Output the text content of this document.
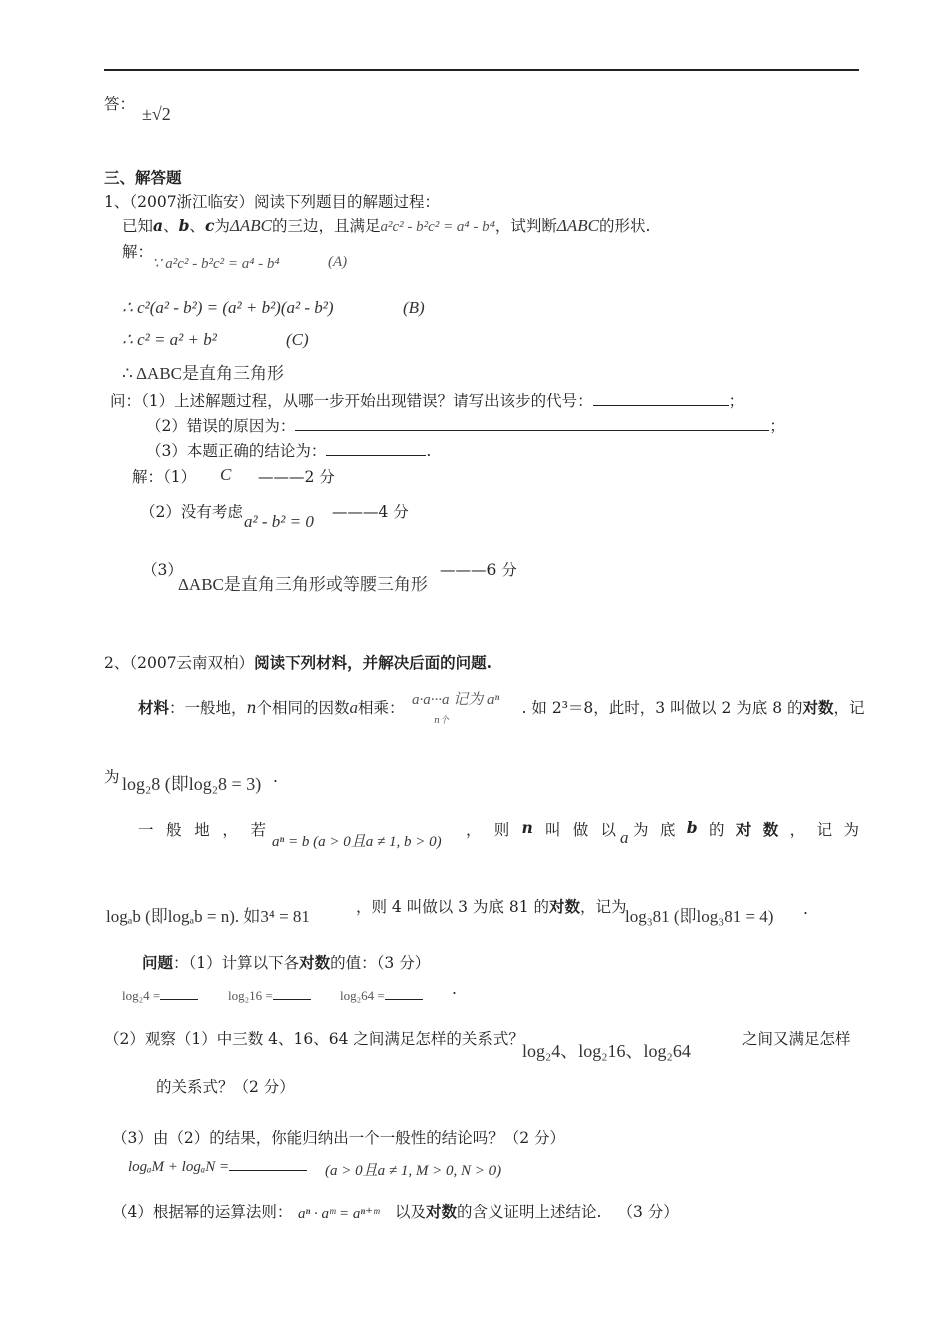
答： ±√2
三、解答题
1、（2007浙江临安）阅读下列题目的解题过程：
已知a、b、c为ΔABC的三边，且满足a²c² - b²c² = a⁴ - b⁴，试判断ΔABC的形状.
解：
∵ a²c² - b²c² = a⁴ - b⁴	(A)
∴ c²(a² - b²) = (a² + b²)(a² - b²)	(B)
∴ c² = a² + b²	(C)
∴ ΔABC是直角三角形
问：（1）上述解题过程，从哪一步开始出现错误？请写出该步的代号：	；
（2）错误的原因为：	；
（3）本题正确的结论为：	.
解：（1） C ———2 分
（2）没有考虑 a² - b² = 0 ———4 分
（3）
ΔABC是直角三角形或等腰三角形
———6 分
2、（2007云南双柏）阅读下列材料，并解决后面的问题.
材料：一般地，n个相同的因数a相乘：	. 如 2³＝8，此时，3 叫做以 2 为底 8 的对数，记
a·a···a 记为 aⁿ
n个
为 log₂8 (即log₂8 = 3) .
一 般 地 ， 若
aⁿ = b (a > 0且a ≠ 1, b > 0)
， 则 n 叫 做 以 a 为 底 b 的 对 数 ， 记 为
logₐb (即logₐb = n). 如3⁴ = 81	，则 4 叫做以 3 为底 81 的对数，记为
log₃81 (即log₃81 = 4) .
问题：（1）计算以下各对数的值：（3 分）
log₂4 =	log₂16 =	log₂64 =	.
（2）观察（1）中三数 4、16、64 之间满足怎样的关系式？
log₂4、log₂16、log₂64
之间又满足怎样
的关系式？（2 分）
（3）由（2）的结果，你能归纳出一个一般性的结论吗？（2 分）
logₐM + logₐN =	(a > 0且a ≠ 1, M > 0, N > 0)
（4）根据幂的运算法则： aⁿ · aᵐ = aⁿ⁺ᵐ 以及对数的含义证明上述结论. （3 分）
